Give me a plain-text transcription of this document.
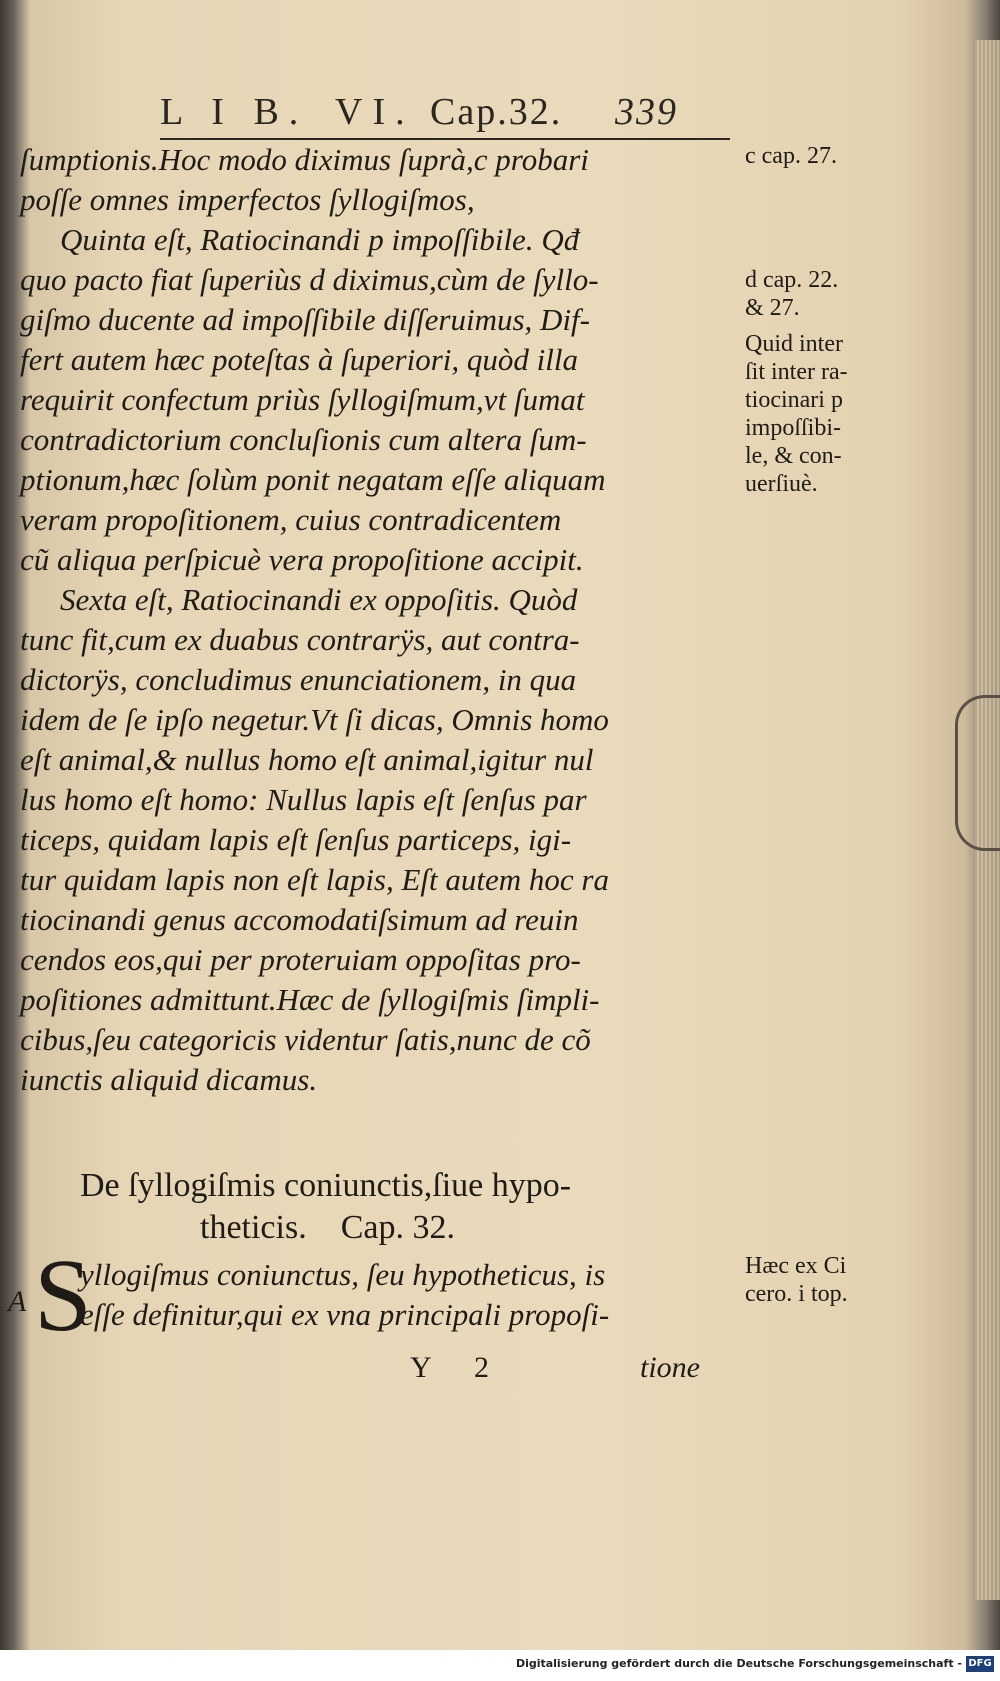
L I B. VI. Cap.32. 339
ſumptionis.Hoc modo diximus ſuprà,c probari
poſſe omnes imperfectos ſyllogiſmos,
Quinta eſt, Ratiocinandi p impoſſibile. Qđ
quo pacto fiat ſuperiùs d diximus,cùm de ſyllo-
giſmo ducente ad impoſſibile diſſeruimus, Dif-
fert autem hæc poteſtas à ſuperiori, quòd illa
requirit confectum priùs ſyllogiſmum,vt ſumat
contradictorium concluſionis cum altera ſum-
ptionum,hæc ſolùm ponit negatam eſſe aliquam
veram propoſitionem, cuius contradicentem
cũ aliqua perſpicuè vera propoſitione accipit.
Sexta eſt, Ratiocinandi ex oppoſitis. Quòd
tunc fit,cum ex duabus contrarÿs, aut contra-
dictorÿs, concludimus enunciationem, in qua
idem de ſe ipſo negetur.Vt ſi dicas, Omnis homo
eſt animal,& nullus homo eſt animal,igitur nul
lus homo eſt homo: Nullus lapis eſt ſenſus par
ticeps, quidam lapis eſt ſenſus particeps, igi-
tur quidam lapis non eſt lapis, Eſt autem hoc ra
tiocinandi genus accomodatiſsimum ad reuin
cendos eos,qui per proteruiam oppoſitas pro-
poſitiones admittunt.Hæc de ſyllogiſmis ſimpli-
cibus,ſeu categoricis videntur ſatis,nunc de cõ
iunctis aliquid dicamus.
De ſyllogiſmis coniunctis,ſiue hypo-
theticis.    Cap. 32.
A S
yllogiſmus coniunctus, ſeu hypotheticus, is
eſſe definitur,qui ex vna principali propoſi-
Y 2	tione
c cap. 27.
d cap. 22.
& 27.
Quid inter
ſit inter ra-
tiocinari p
impoſſibi-
le, & con-
uerſiuè.
Hæc ex Ci
cero. i top.
Digitalisierung gefördert durch die Deutsche Forschungsgemeinschaft - DFG
